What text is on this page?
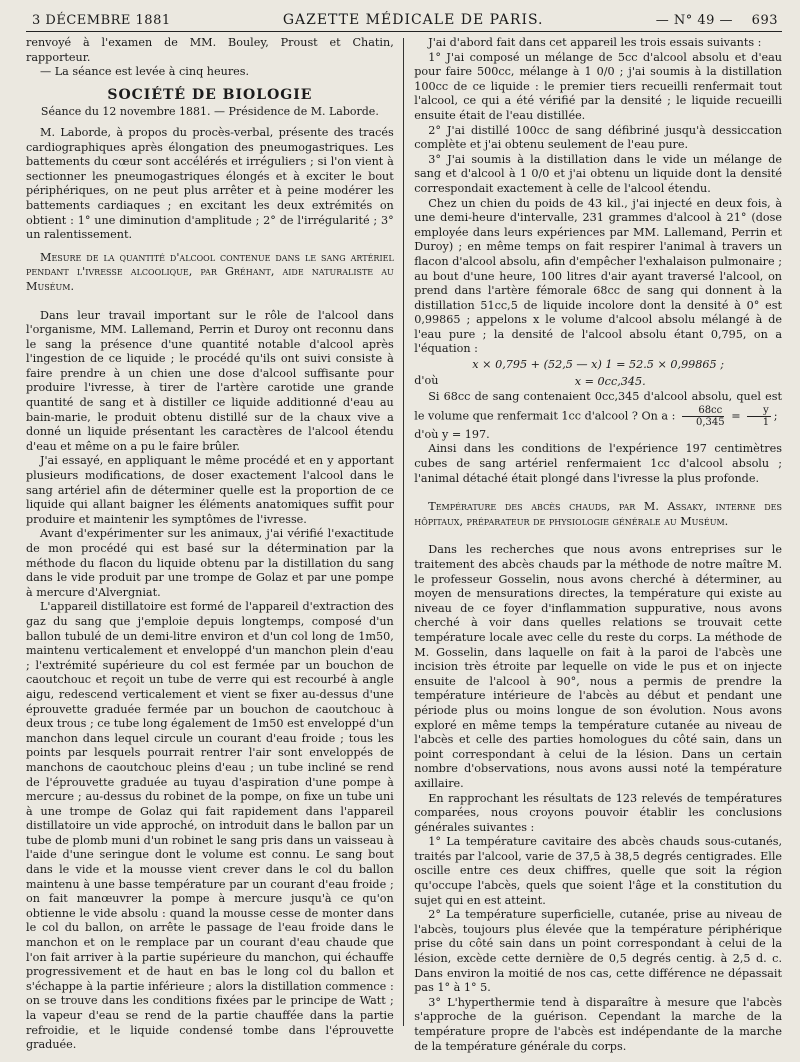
3 DÉCEMBRE 1881	GAZETTE MÉDICALE DE PARIS.	— N° 49 — 693

renvoyé à l'examen de MM. Bouley, Proust et Chatin, rapporteur.

— La séance est levée à cinq heures.

SOCIÉTÉ DE BIOLOGIE
Séance du 12 novembre 1881. — Présidence de M. Laborde.

M. Laborde, à propos du procès-verbal, présente des tracés cardiographiques après élongation des pneumogastriques. Les battements du cœur sont accélérés et irréguliers ; si l'on vient à sectionner les pneumogastriques élongés et à exciter le bout périphériques, on ne peut plus arrêter et à peine modérer les battements cardiaques ; en excitant les deux extrémités on obtient : 1° une diminution d'amplitude ; 2° de l'irrégularité ; 3° un ralentissement.

Mesure de la quantité d'alcool contenue dans le sang artériel pendant l'ivresse alcoolique, par Gréhant, aide naturaliste au Muséum.

Dans leur travail important sur le rôle de l'alcool dans l'organisme, MM. Lallemand, Perrin et Duroy ont reconnu dans le sang la présence d'une quantité notable d'alcool après l'ingestion de ce liquide ; le procédé qu'ils ont suivi consiste à faire prendre à un chien une dose d'alcool suffisante pour produire l'ivresse, à tirer de l'artère carotide une grande quantité de sang et à distiller ce liquide additionné d'eau au bain-marie, le produit obtenu distillé sur de la chaux vive a donné un liquide présentant les caractères de l'alcool étendu d'eau et même on a pu le faire brûler.

J'ai essayé, en appliquant le même procédé et en y apportant plusieurs modifications, de doser exactement l'alcool dans le sang artériel afin de déterminer quelle est la proportion de ce liquide qui allant baigner les éléments anatomiques suffit pour produire et maintenir les symptômes de l'ivresse.

Avant d'expérimenter sur les animaux, j'ai vérifié l'exactitude de mon procédé qui est basé sur la détermination par la méthode du flacon du liquide obtenu par la distillation du sang dans le vide produit par une trompe de Golaz et par une pompe à mercure d'Alvergniat.

L'appareil distillatoire est formé de l'appareil d'extraction des gaz du sang que j'emploie depuis longtemps, composé d'un ballon tubulé de un demi-litre environ et d'un col long de 1m50, maintenu verticalement et enveloppé d'un manchon plein d'eau ; l'extrémité supérieure du col est fermée par un bouchon de caoutchouc et reçoit un tube de verre qui est recourbé à angle aigu, redescend verticalement et vient se fixer au-dessus d'une éprouvette graduée fermée par un bouchon de caoutchouc à deux trous ; ce tube long également de 1m50 est enveloppé d'un manchon dans lequel circule un courant d'eau froide ; tous les points par lesquels pourrait rentrer l'air sont enveloppés de manchons de caoutchouc pleins d'eau ; un tube incliné se rend de l'éprouvette graduée au tuyau d'aspiration d'une pompe à mercure ; au-dessus du robinet de la pompe, on fixe un tube uni à une trompe de Golaz qui fait rapidement dans l'appareil distillatoire un vide approché, on introduit dans le ballon par un tube de plomb muni d'un robinet le sang pris dans un vaisseau à l'aide d'une seringue dont le volume est connu. Le sang bout dans le vide et la mousse vient crever dans le col du ballon maintenu à une basse température par un courant d'eau froide ; on fait manœuvrer la pompe à mercure jusqu'à ce qu'on obtienne le vide absolu : quand la mousse cesse de monter dans le col du ballon, on arrête le passage de l'eau froide dans le manchon et on le remplace par un courant d'eau chaude que l'on fait arriver à la partie supérieure du manchon, qui échauffe progressivement et de haut en bas le long col du ballon et s'échappe à la partie inférieure ; alors la distillation commence : on se trouve dans les conditions fixées par le principe de Watt ; la vapeur d'eau se rend de la partie chauffée dans la partie refroidie, et le liquide condensé tombe dans l'éprouvette graduée.

J'ai d'abord fait dans cet appareil les trois essais suivants :

1° J'ai composé un mélange de 5cc d'alcool absolu et d'eau pour faire 500cc, mélange à 1 0/0 ; j'ai soumis à la distillation 100cc de ce liquide : le premier tiers recueilli renfermait tout l'alcool, ce qui a été vérifié par la densité ; le liquide recueilli ensuite était de l'eau distillée.

2° J'ai distillé 100cc de sang défibriné jusqu'à dessiccation complète et j'ai obtenu seulement de l'eau pure.

3° J'ai soumis à la distillation dans le vide un mélange de sang et d'alcool à 1 0/0 et j'ai obtenu un liquide dont la densité correspondait exactement à celle de l'alcool étendu.

Chez un chien du poids de 43 kil., j'ai injecté en deux fois, à une demi-heure d'intervalle, 231 grammes d'alcool à 21° (dose employée dans leurs expériences par MM. Lallemand, Perrin et Duroy) ; en même temps on fait respirer l'animal à travers un flacon d'alcool absolu, afin d'empêcher l'exhalaison pulmonaire ; au bout d'une heure, 100 litres d'air ayant traversé l'alcool, on prend dans l'artère fémorale 68cc de sang qui donnent à la distillation 51cc,5 de liquide incolore dont la densité à 0° est 0,99865 ; appelons x le volume d'alcool absolu mélangé à de l'eau pure ; la densité de l'alcool absolu étant 0,795, on a l'équation :

x × 0,795 + (52,5 — x) 1 = 52.5 × 0,99865 ;
d'où	x = 0cc,345.

Si 68cc de sang contenaient 0cc,345 d'alcool absolu, quel est le volume que renfermait 1cc d'alcool ? On a : $\frac{68cc}{0,345} = \frac{y}{1}$ ;

d'où y = 197.

Ainsi dans les conditions de l'expérience 197 centimètres cubes de sang artériel renfermaient 1cc d'alcool absolu ; l'animal détaché était plongé dans l'ivresse la plus profonde.

Température des abcès chauds, par M. Assaky, interne des hôpitaux, préparateur de physiologie générale au Muséum.

Dans les recherches que nous avons entreprises sur le traitement des abcès chauds par la méthode de notre maître M. le professeur Gosselin, nous avons cherché à déterminer, au moyen de mensurations directes, la température qui existe au niveau de ce foyer d'inflammation suppurative, nous avons cherché à voir dans quelles relations se trouvait cette température locale avec celle du reste du corps. La méthode de M. Gosselin, dans laquelle on fait à la paroi de l'abcès une incision très étroite par lequelle on vide le pus et on injecte ensuite de l'alcool à 90°, nous a permis de prendre la température intérieure de l'abcès au début et pendant une période plus ou moins longue de son évolution. Nous avons exploré en même temps la température cutanée au niveau de l'abcès et celle des parties homologues du côté sain, dans un point correspondant à celui de la lésion. Dans un certain nombre d'observations, nous avons aussi noté la température axillaire.

En rapprochant les résultats de 123 relevés de températures comparées, nous croyons pouvoir établir les conclusions générales suivantes :

1° La température cavitaire des abcès chauds sous-cutanés, traités par l'alcool, varie de 37,5 à 38,5 degrés centigrades. Elle oscille entre ces deux chiffres, quelle que soit la région qu'occupe l'abcès, quels que soient l'âge et la constitution du sujet qui en est atteint.

2° La température superficielle, cutanée, prise au niveau de l'abcès, toujours plus élevée que la température périphérique prise du côté sain dans un point correspondant à celui de la lésion, excède cette dernière de 0,5 degrés centig. à 2,5 d. c. Dans environ la moitié de nos cas, cette différence ne dépassait pas 1° à 1° 5.

3° L'hyperthermie tend à disparaître à mesure que l'abcès s'approche de la guérison. Cependant la marche de la température propre de l'abcès est indépendante de la marche de la température générale du corps.
